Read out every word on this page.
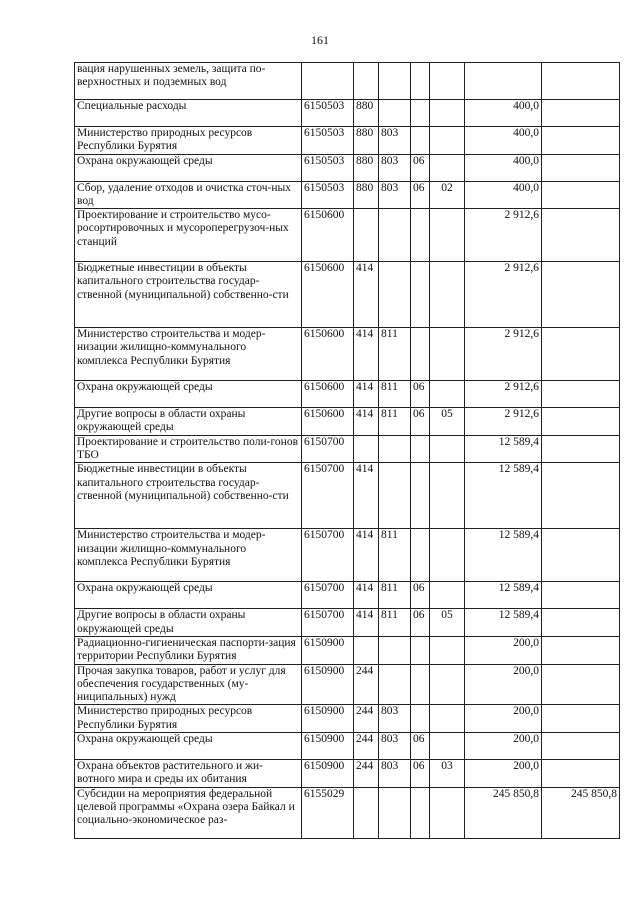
161
вация нарушенных земель, защита по-верхностных и подземных вод							
Специальные расходы	6150503	880				400,0	
Министерство природных ресурсов Республики Бурятия	6150503	880	803			400,0	
Охрана окружающей среды	6150503	880	803	06		400,0	
Сбор, удаление отходов и очистка сточ-ных вод	6150503	880	803	06	02	400,0	
Проектирование и строительство мусо-росортировочных и мусороперегрузоч-ных станций	6150600					2 912,6	
Бюджетные инвестиции в объекты капитального строительства государ-ственной (муниципальной) собственно-сти	6150600	414				2 912,6	
Министерство строительства и модер-низации жилищно-коммунального комплекса Республики Бурятия	6150600	414	811			2 912,6	
Охрана окружающей среды	6150600	414	811	06		2 912,6	
Другие вопросы в области охраны окружающей среды	6150600	414	811	06	05	2 912,6	
Проектирование и строительство поли-гонов ТБО	6150700					12 589,4	
Бюджетные инвестиции в объекты капитального строительства государ-ственной (муниципальной) собственно-сти	6150700	414				12 589,4	
Министерство строительства и модер-низации жилищно-коммунального комплекса Республики Бурятия	6150700	414	811			12 589,4	
Охрана окружающей среды	6150700	414	811	06		12 589,4	
Другие вопросы в области охраны окружающей среды	6150700	414	811	06	05	12 589,4	
Радиационно-гигиеническая паспорти-зация территории Республики Бурятия	6150900					200,0	
Прочая закупка товаров, работ и услуг для обеспечения государственных (му-ниципальных) нужд	6150900	244				200,0	
Министерство природных ресурсов Республики Бурятия	6150900	244	803			200,0	
Охрана окружающей среды	6150900	244	803	06		200,0	
Охрана объектов растительного и жи-вотного мира и среды их обитания	6150900	244	803	06	03	200,0	
Субсидии на мероприятия федеральной целевой программы «Охрана озера Байкал и социально-экономическое раз-	6155029					245 850,8	245 850,8
